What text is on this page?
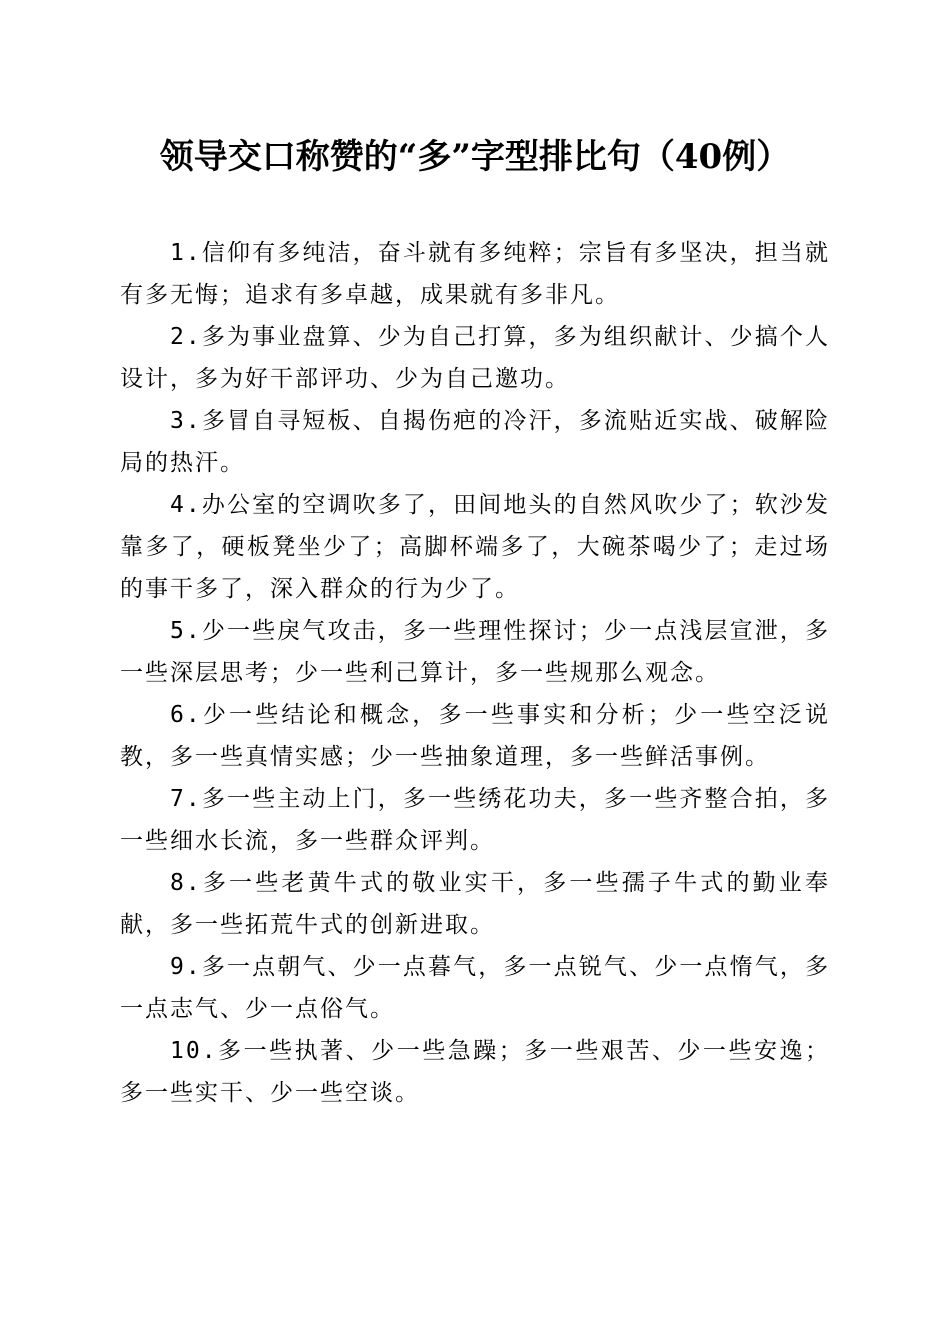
领导交口称赞的“多”字型排比句（40例）

1.信仰有多纯洁，奋斗就有多纯粹；宗旨有多坚决，担当就有多无悔；追求有多卓越，成果就有多非凡。

2.多为事业盘算、少为自己打算，多为组织献计、少搞个人设计，多为好干部评功、少为自己邀功。

3.多冒自寻短板、自揭伤疤的冷汗，多流贴近实战、破解险局的热汗。

4.办公室的空调吹多了，田间地头的自然风吹少了；软沙发靠多了，硬板凳坐少了；高脚杯端多了，大碗茶喝少了；走过场的事干多了，深入群众的行为少了。

5.少一些戾气攻击，多一些理性探讨；少一点浅层宣泄，多一些深层思考；少一些利己算计，多一些规那么观念。

6.少一些结论和概念，多一些事实和分析；少一些空泛说教，多一些真情实感；少一些抽象道理，多一些鲜活事例。

7.多一些主动上门，多一些绣花功夫，多一些齐整合拍，多一些细水长流，多一些群众评判。

8.多一些老黄牛式的敬业实干，多一些孺子牛式的勤业奉献，多一些拓荒牛式的创新进取。

9.多一点朝气、少一点暮气，多一点锐气、少一点惰气，多一点志气、少一点俗气。

10.多一些执著、少一些急躁；多一些艰苦、少一些安逸；多一些实干、少一些空谈。
